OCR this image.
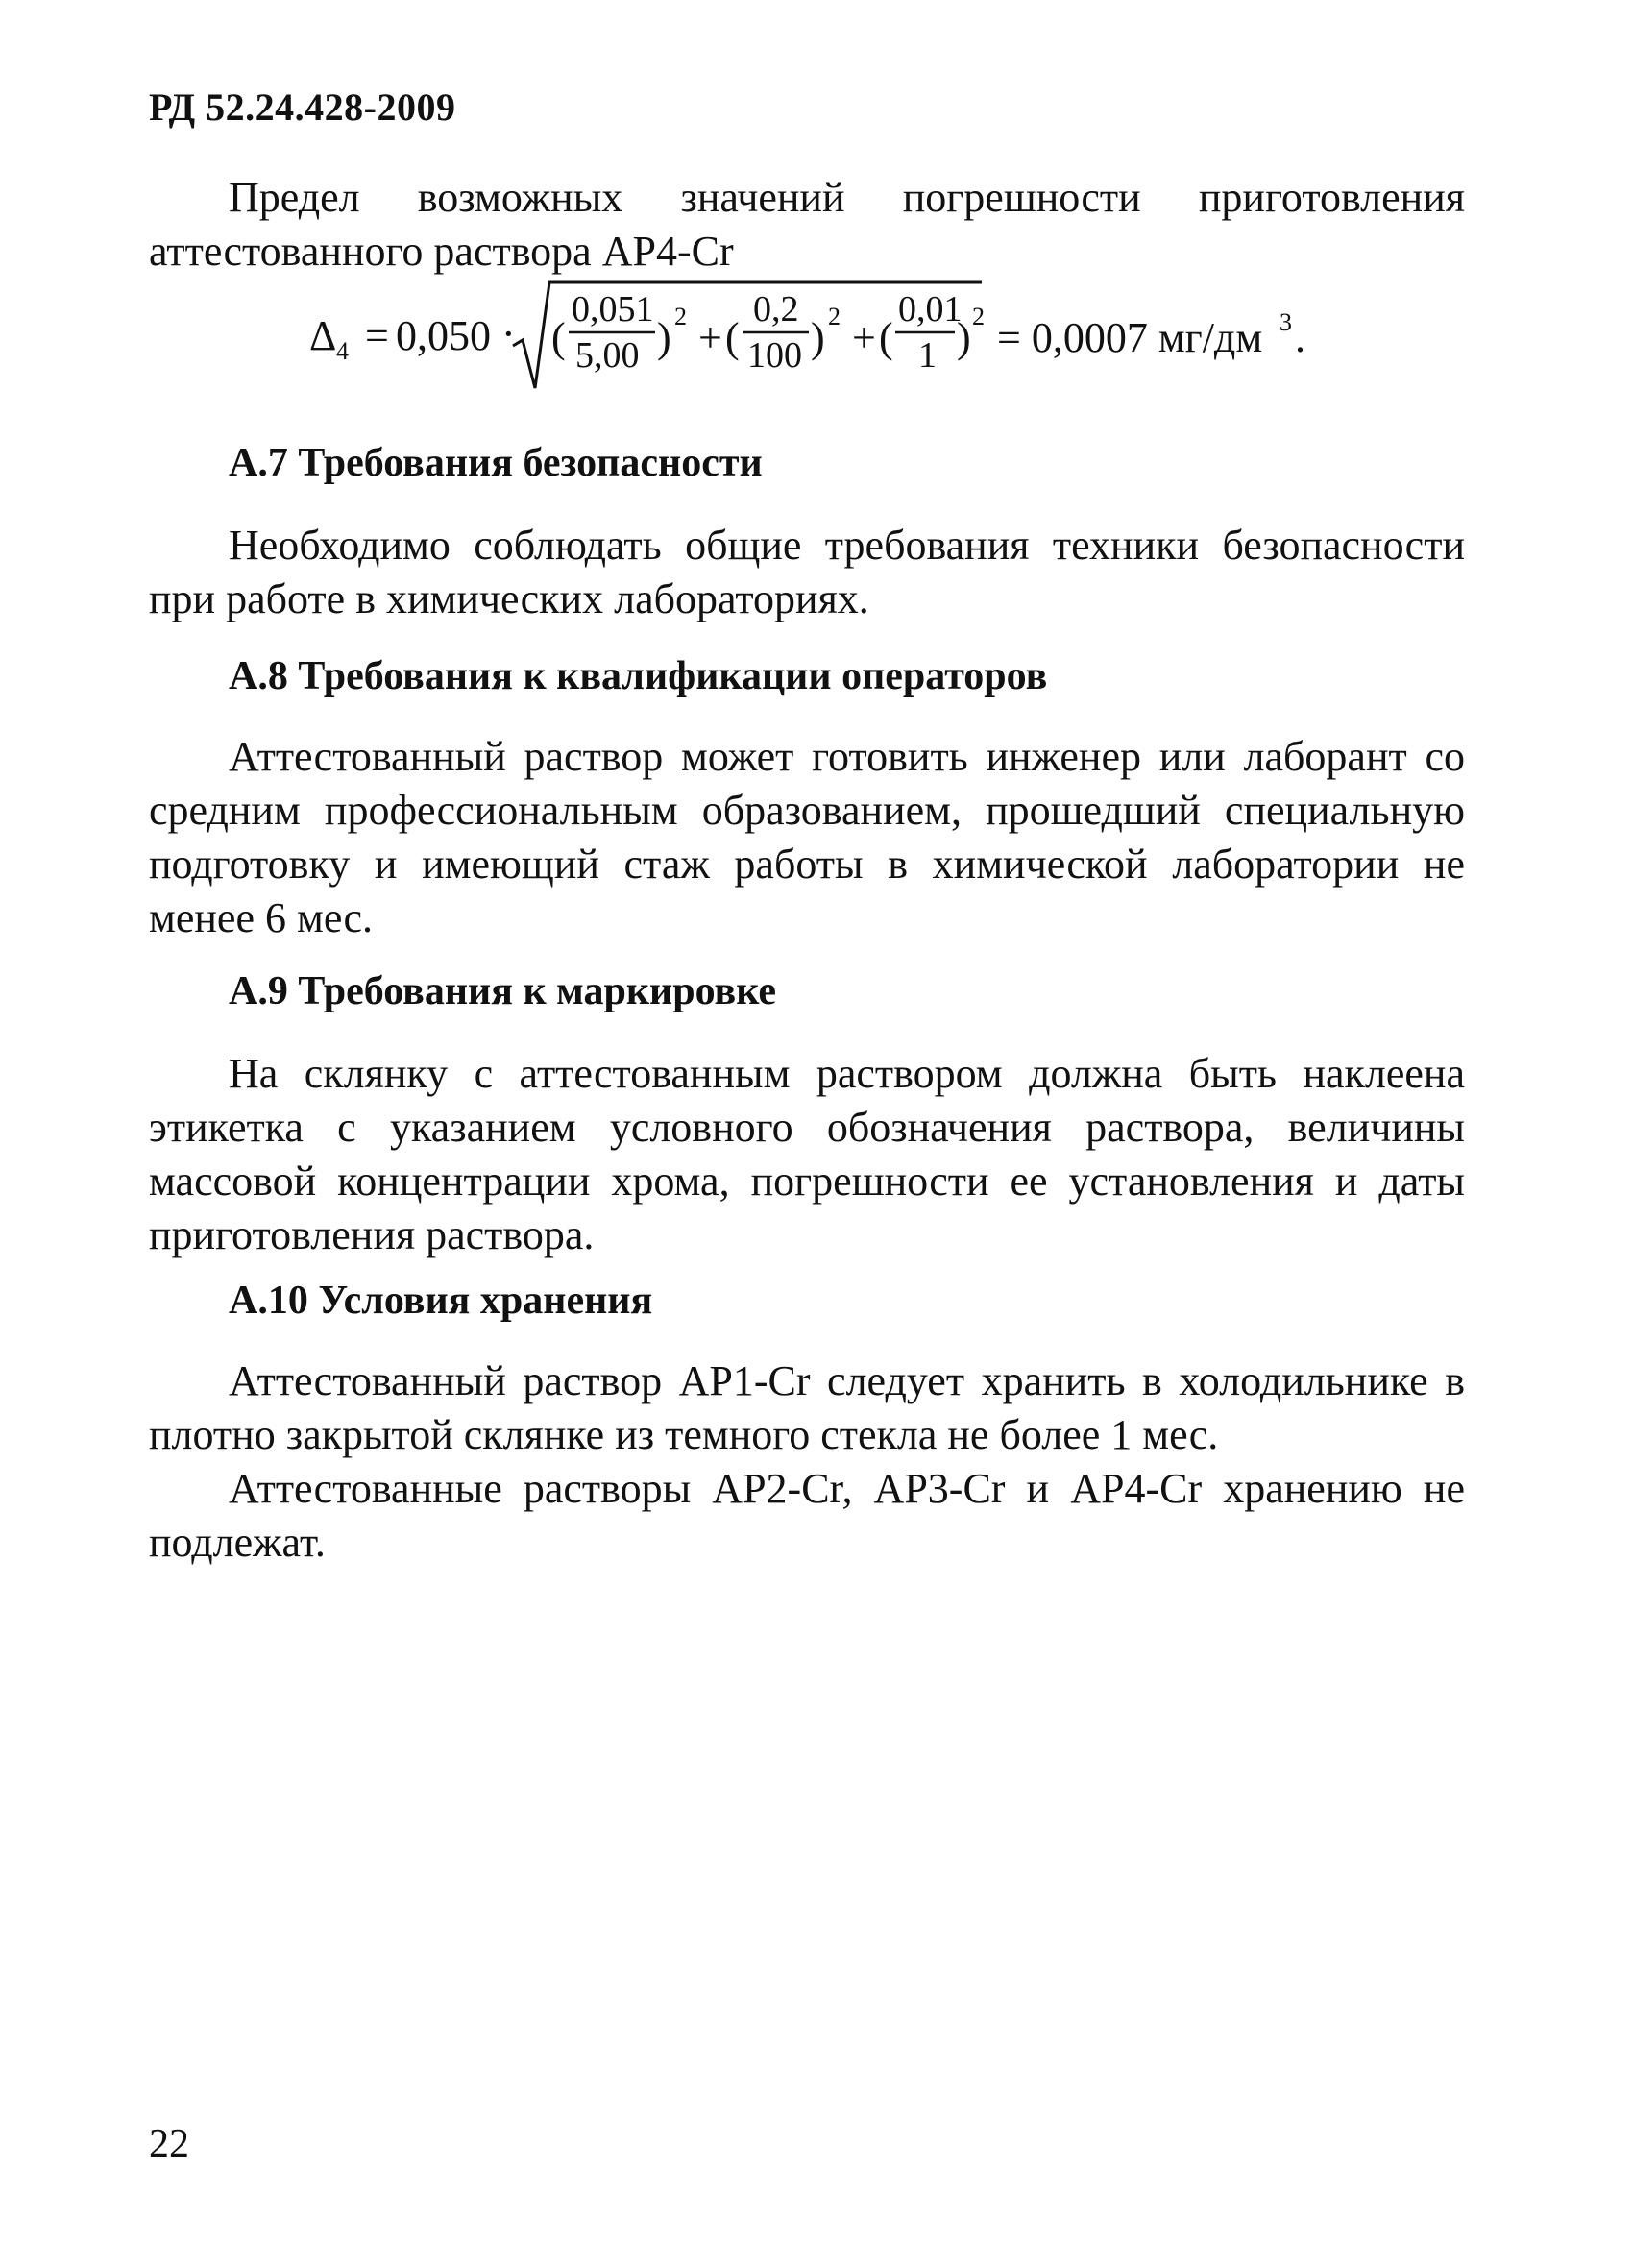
РД 52.24.428-2009

Предел возможных значений погрешности приготовления аттестованного раствора АР4-Cr

Δ 4 = 0,050 · (
0,051
5,00 ) 2 + (
0,2
100 ) 2 + (
0,01
1 ) 2 = 0,0007 мг/дм 3 .
А.7 Требования безопасности

Необходимо соблюдать общие требования техники безопасности при работе в химических лабораториях.

А.8 Требования к квалификации операторов

Аттестованный раствор может готовить инженер или лаборант со средним профессиональным образованием, прошедший специальную подготовку и имеющий стаж работы в химической лаборатории не менее 6 мес.

А.9 Требования к маркировке

На склянку с аттестованным раствором должна быть наклеена этикетка с указанием условного обозначения раствора, величины массовой концентрации хрома, погрешности ее установления и даты приготовления раствора.

А.10 Условия хранения

Аттестованный раствор АР1-Cr следует хранить в холодильнике в плотно закрытой склянке из темного стекла не более 1 мес.

Аттестованные растворы АР2-Cr, АР3-Cr и АР4-Cr хранению не подлежат.

22
